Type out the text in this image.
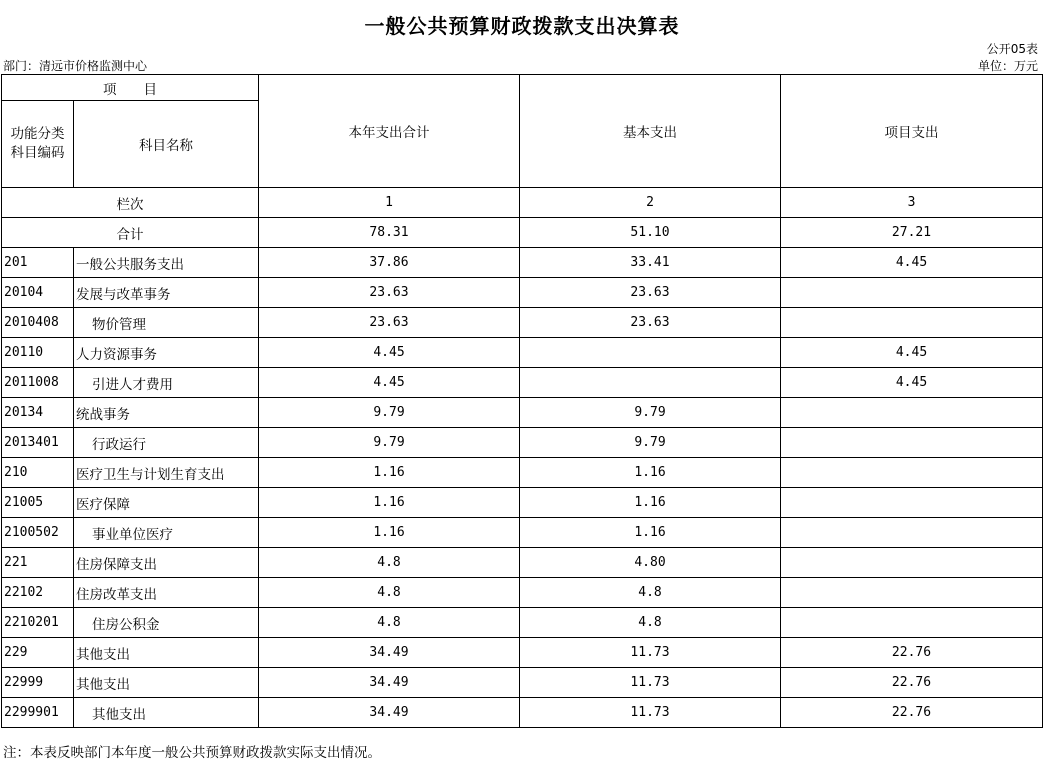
一般公共预算财政拨款支出决算表
公开05表
部门：清远市价格监测中心	单位：万元
项　　目		本年支出合计	基本支出	项目支出
功能分类科目编码	科目名称			
栏次		1	2	3
合计		78.31	51.10	27.21
201	一般公共服务支出	37.86	33.41	4.45
20104	发展与改革事务	23.63	23.63	
2010408	物价管理	23.63	23.63	
20110	人力资源事务	4.45		4.45
2011008	引进人才费用	4.45		4.45
20134	统战事务	9.79	9.79	
2013401	行政运行	9.79	9.79	
210	医疗卫生与计划生育支出	1.16	1.16	
21005	医疗保障	1.16	1.16	
2100502	事业单位医疗	1.16	1.16	
221	住房保障支出	4.8	4.80	
22102	住房改革支出	4.8	4.8	
2210201	住房公积金	4.8	4.8	
229	其他支出	34.49	11.73	22.76
22999	其他支出	34.49	11.73	22.76
2299901	其他支出	34.49	11.73	22.76
注：本表反映部门本年度一般公共预算财政拨款实际支出情况。
